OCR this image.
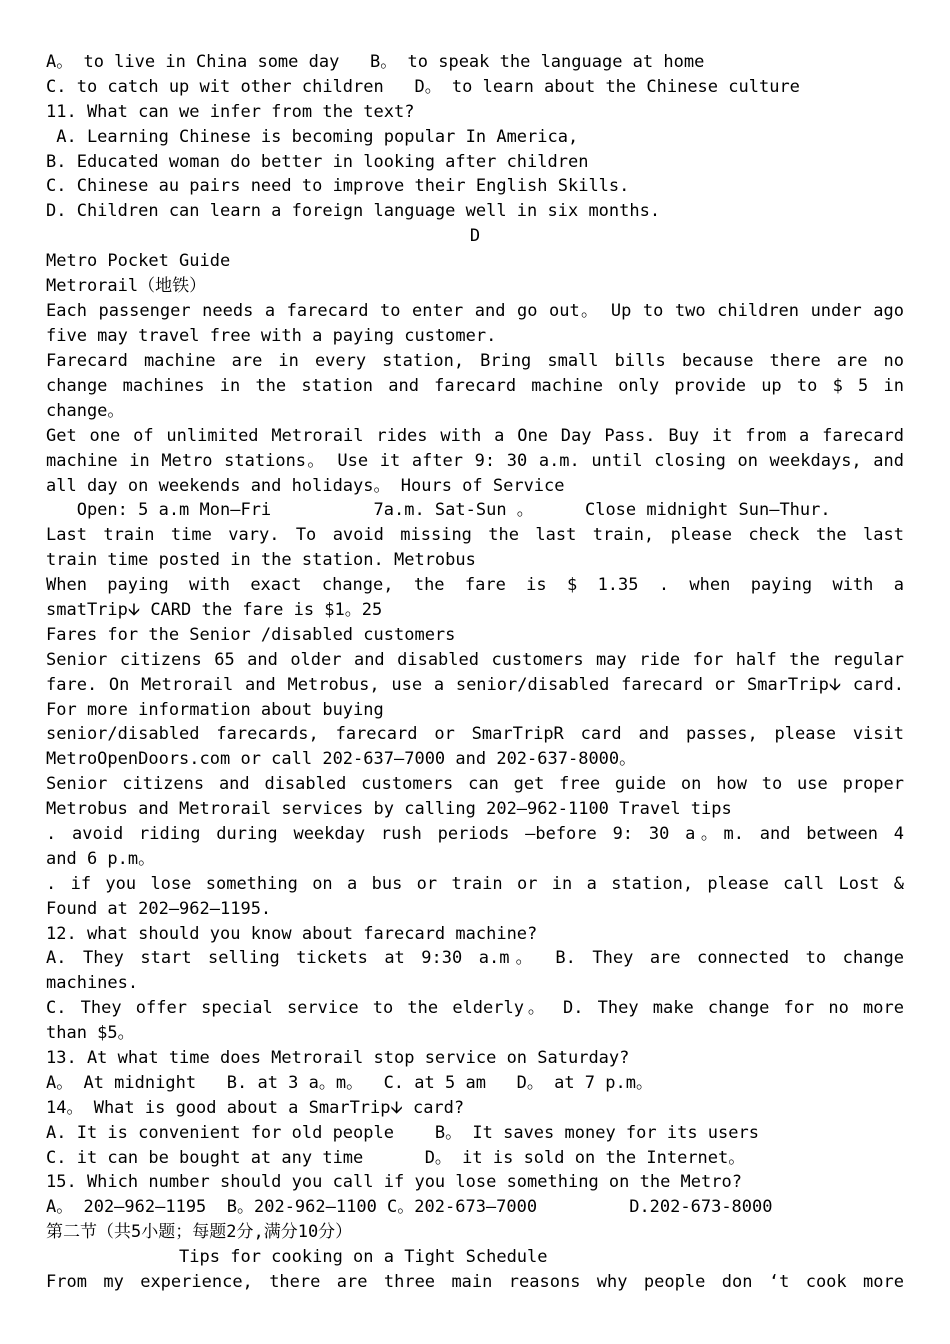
A。 to live in China some day   B。 to speak the language at home
C. to catch up wit other children   D。 to learn about the Chinese culture
11. What can we infer from the text?
A. Learning Chinese is becoming popular In America,
B. Educated woman do better in looking after children
C. Chinese au pairs need to improve their English Skills.
D. Children can learn a foreign language well in six months.
D
Metro Pocket Guide
Metrorail（地铁）
Each passenger needs a farecard to enter and go out。 Up to two children under ago
five may travel free with a paying customer.
Farecard machine are in every station, Bring small bills because there are no
change machines in the station and farecard machine only provide up to $ 5 in
change。
Get one of unlimited Metrorail rides with a One Day Pass. Buy it from a farecard
machine in Metro stations。 Use it after 9: 30 a.m. until closing on weekdays, and
all day on weekends and holidays。 Hours of Service
Open: 5 a.m Mon—Fri          7a.m. Sat-Sun 。     Close midnight Sun—Thur.
Last train time vary. To avoid missing the last train, please check the last
train time posted in the station. Metrobus
When paying with exact change, the fare is $ 1.35 . when paying with a
smatTrip🡫 CARD the fare is $1。25
Fares for the Senior /disabled customers
Senior citizens 65 and older and disabled customers may ride for half the regular
fare. On Metrorail and Metrobus, use a senior/disabled farecard or SmarTrip🡫 card.
For more information about buying
senior/disabled farecards, farecard or SmarTripR card and passes, please visit
MetroOpenDoors.com or call 202-637—7000 and 202-637-8000。
Senior citizens and disabled customers can get free guide on how to use proper
Metrobus and Metrorail services by calling 202—962-1100 Travel tips
. avoid riding during weekday rush periods –before 9: 30 a。m. and between 4
and 6 p.m。
. if you lose something on a bus or train or in a station, please call Lost &
Found at 202—962—1195.
12. what should you know about farecard machine?
A. They start selling tickets at 9:30 a.m。 B. They are connected to change
machines.
C. They offer special service to the elderly。 D. They make change for no more
than $5。
13. At what time does Metrorail stop service on Saturday?
A。 At midnight   B. at 3 a。m。  C. at 5 am   D。 at 7 p.m。
14。 What is good about a SmarTrip🡫 card?
A. It is convenient for old people    B。 It saves money for its users
C. it can be bought at any time      D。 it is sold on the Internet。
15. Which number should you call if you lose something on the Metro?
A。 202—962—1195  B。202-962—1100 C。202-673—7000         D.202-673-8000
第二节（共5小题；每题2分,满分10分）
Tips for cooking on a Tight Schedule
From my experience, there are three main reasons why people don ‘t cook more
